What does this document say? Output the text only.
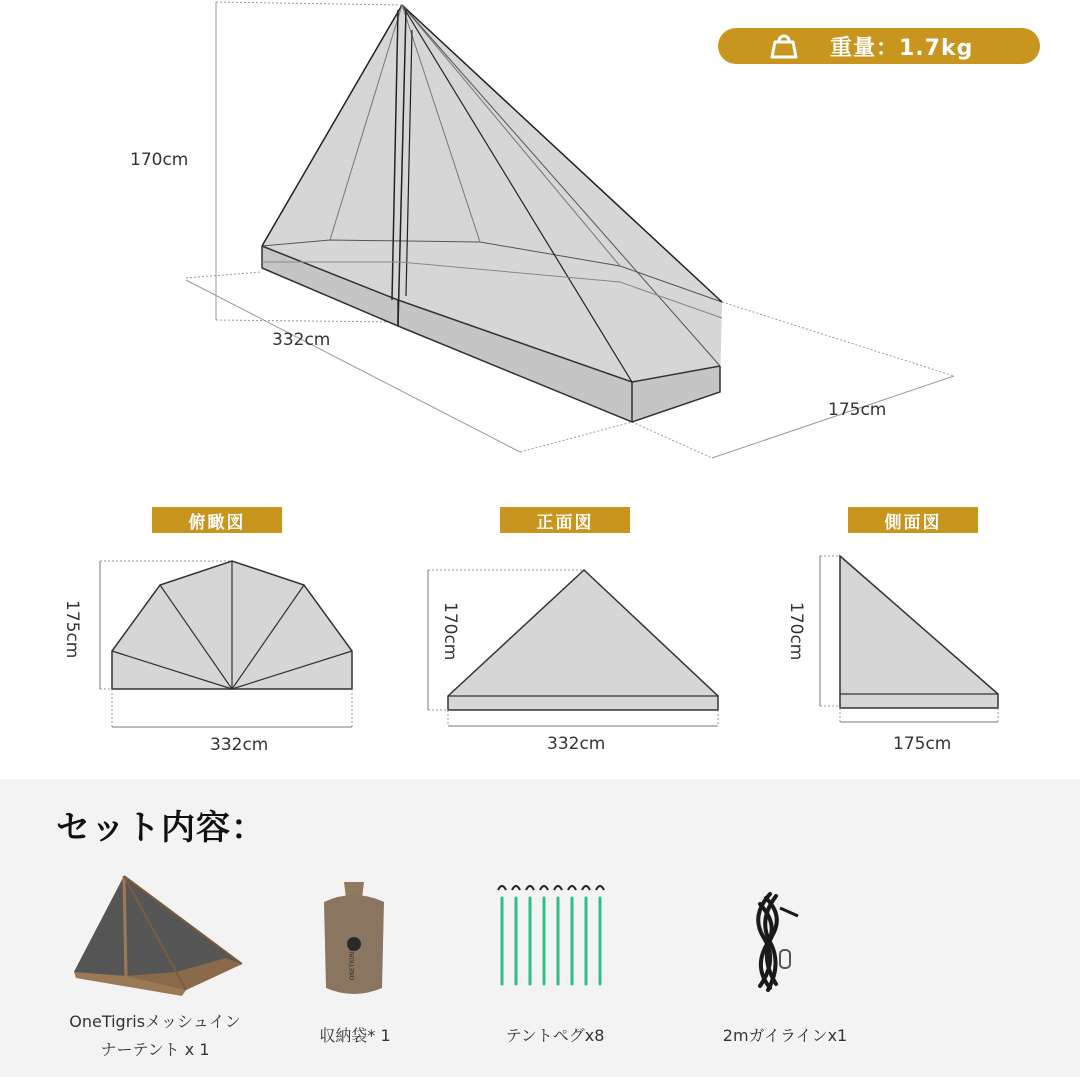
重量：1.7kg
170cm
332cm
175cm
俯瞰図
175cm
332cm
正面図
170cm
332cm
側面図
170cm
175cm
セット内容：
OneTigrisメッシュイン
ナーテント x 1
ONETIGRIS
収納袋* 1	テントペグx8	2mガイラインx1
